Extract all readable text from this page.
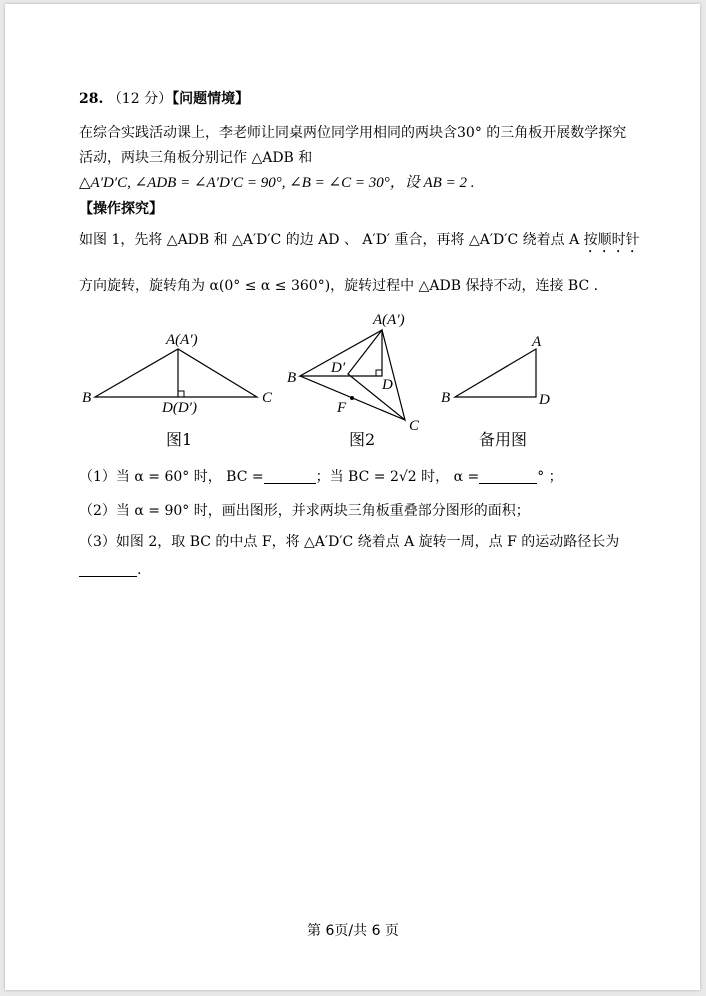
28. （12 分）【问题情境】
在综合实践活动课上，李老师让同桌两位同学用相同的两块含30° 的三角板开展数学探究
活动，两块三角板分别记作 △ADB 和
△A′D′C, ∠ADB = ∠A′D′C = 90°, ∠B = ∠C = 30°，设 AB = 2 .
【操作探究】
如图 1，先将 △ADB 和 △A′D′C 的边 AD 、 A′D′ 重合，再将 △A′D′C 绕着点 A 按顺时针
方向旋转，旋转角为 α(0° ≤ α ≤ 360°)，旋转过程中 △ADB 保持不动，连接 BC .
A(A′)
B	C
D(D′)
A(A′)
B
C
D
D′
F
A
B	D
图1	图2	备用图
（1）当 α = 60° 时， BC =	；当 BC = 2√2 时， α =	° ；
（2）当 α = 90° 时，画出图形，并求两块三角板重叠部分图形的面积；
（3）如图 2，取 BC 的中点 F，将 △A′D′C 绕着点 A 旋转一周，点 F 的运动路径长为
.
第 6页/共 6 页
